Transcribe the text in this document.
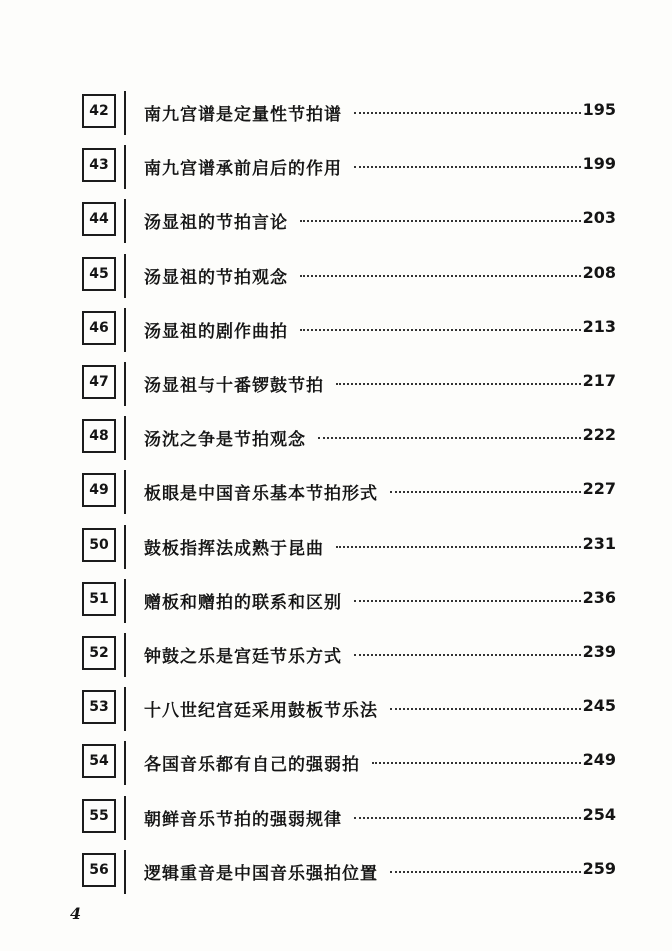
42	南九宫谱是定量性节拍谱	195
43	南九宫谱承前启后的作用	199
44	汤显祖的节拍言论	203
45	汤显祖的节拍观念	208
46	汤显祖的剧作曲拍	213
47	汤显祖与十番锣鼓节拍	217
48	汤沈之争是节拍观念	222
49	板眼是中国音乐基本节拍形式	227
50	鼓板指挥法成熟于昆曲	231
51	赠板和赠拍的联系和区别	236
52	钟鼓之乐是宫廷节乐方式	239
53	十八世纪宫廷采用鼓板节乐法	245
54	各国音乐都有自己的强弱拍	249
55	朝鲜音乐节拍的强弱规律	254
56	逻辑重音是中国音乐强拍位置	259
4
